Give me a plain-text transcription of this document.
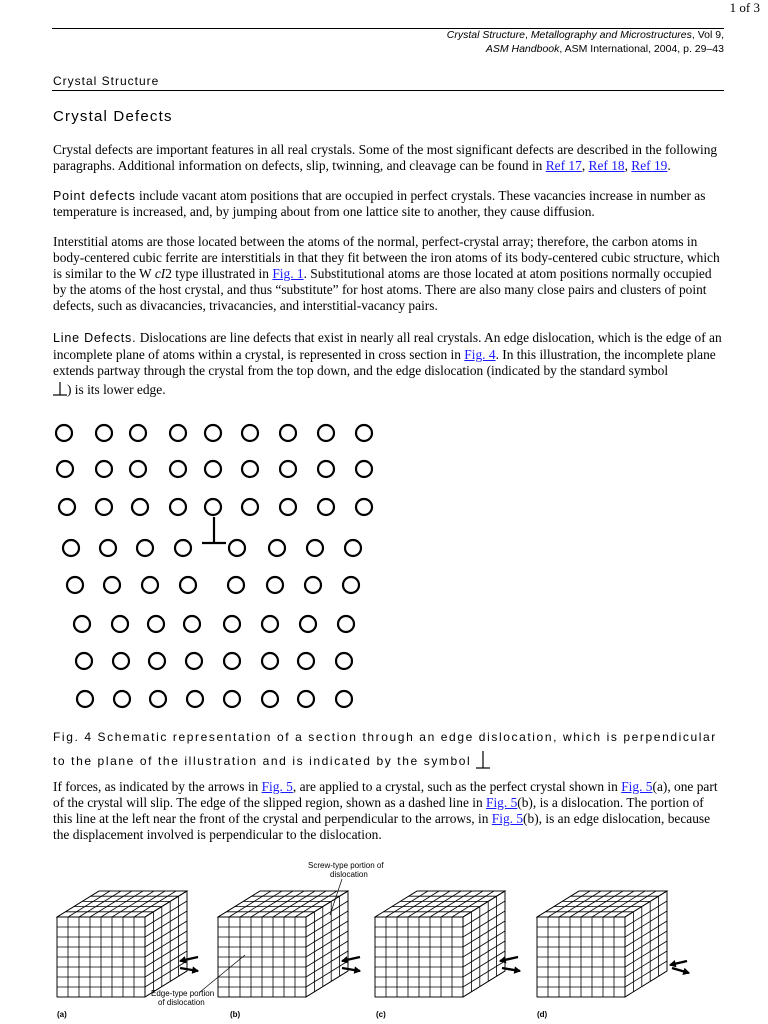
1 of 3
Crystal Structure, Metallography and Microstructures, Vol 9, ASM Handbook, ASM International, 2004, p. 29–43
Crystal Structure
Crystal Defects

Crystal defects are important features in all real crystals. Some of the most significant defects are described in the following paragraphs. Additional information on defects, slip, twinning, and cleavage can be found in Ref 17, Ref 18, Ref 19.

Point defects include vacant atom positions that are occupied in perfect crystals. These vacancies increase in number as temperature is increased, and, by jumping about from one lattice site to another, they cause diffusion.

Interstitial atoms are those located between the atoms of the normal, perfect-crystal array; therefore, the carbon atoms in body-centered cubic ferrite are interstitials in that they fit between the iron atoms of its body-centered cubic structure, which is similar to the W cI2 type illustrated in Fig. 1. Substitutional atoms are those located at atom positions normally occupied by the atoms of the host crystal, and thus “substitute” for host atoms. There are also many close pairs and clusters of point defects, such as divacancies, trivacancies, and interstitial-vacancy pairs.

Line Defects. Dislocations are line defects that exist in nearly all real crystals. An edge dislocation, which is the edge of an incomplete plane of atoms within a crystal, is represented in cross section in Fig. 4. In this illustration, the incomplete plane extends partway through the crystal from the top down, and the edge dislocation (indicated by the standard symbol
) is its lower edge.

Fig. 4 Schematic representation of a section through an edge dislocation, which is perpendicular to the plane of the illustration and is indicated by the symbol

If forces, as indicated by the arrows in Fig. 5, are applied to a crystal, such as the perfect crystal shown in Fig. 5(a), one part of the crystal will slip. The edge of the slipped region, shown as a dashed line in Fig. 5(b), is a dislocation. The portion of this line at the left near the front of the crystal and perpendicular to the arrows, in Fig. 5(b), is an edge dislocation, because the displacement involved is perpendicular to the dislocation.

Screw-type portion of
dislocation
Edge-type portion
of dislocation
(a)	(b)	(c)	(d)
